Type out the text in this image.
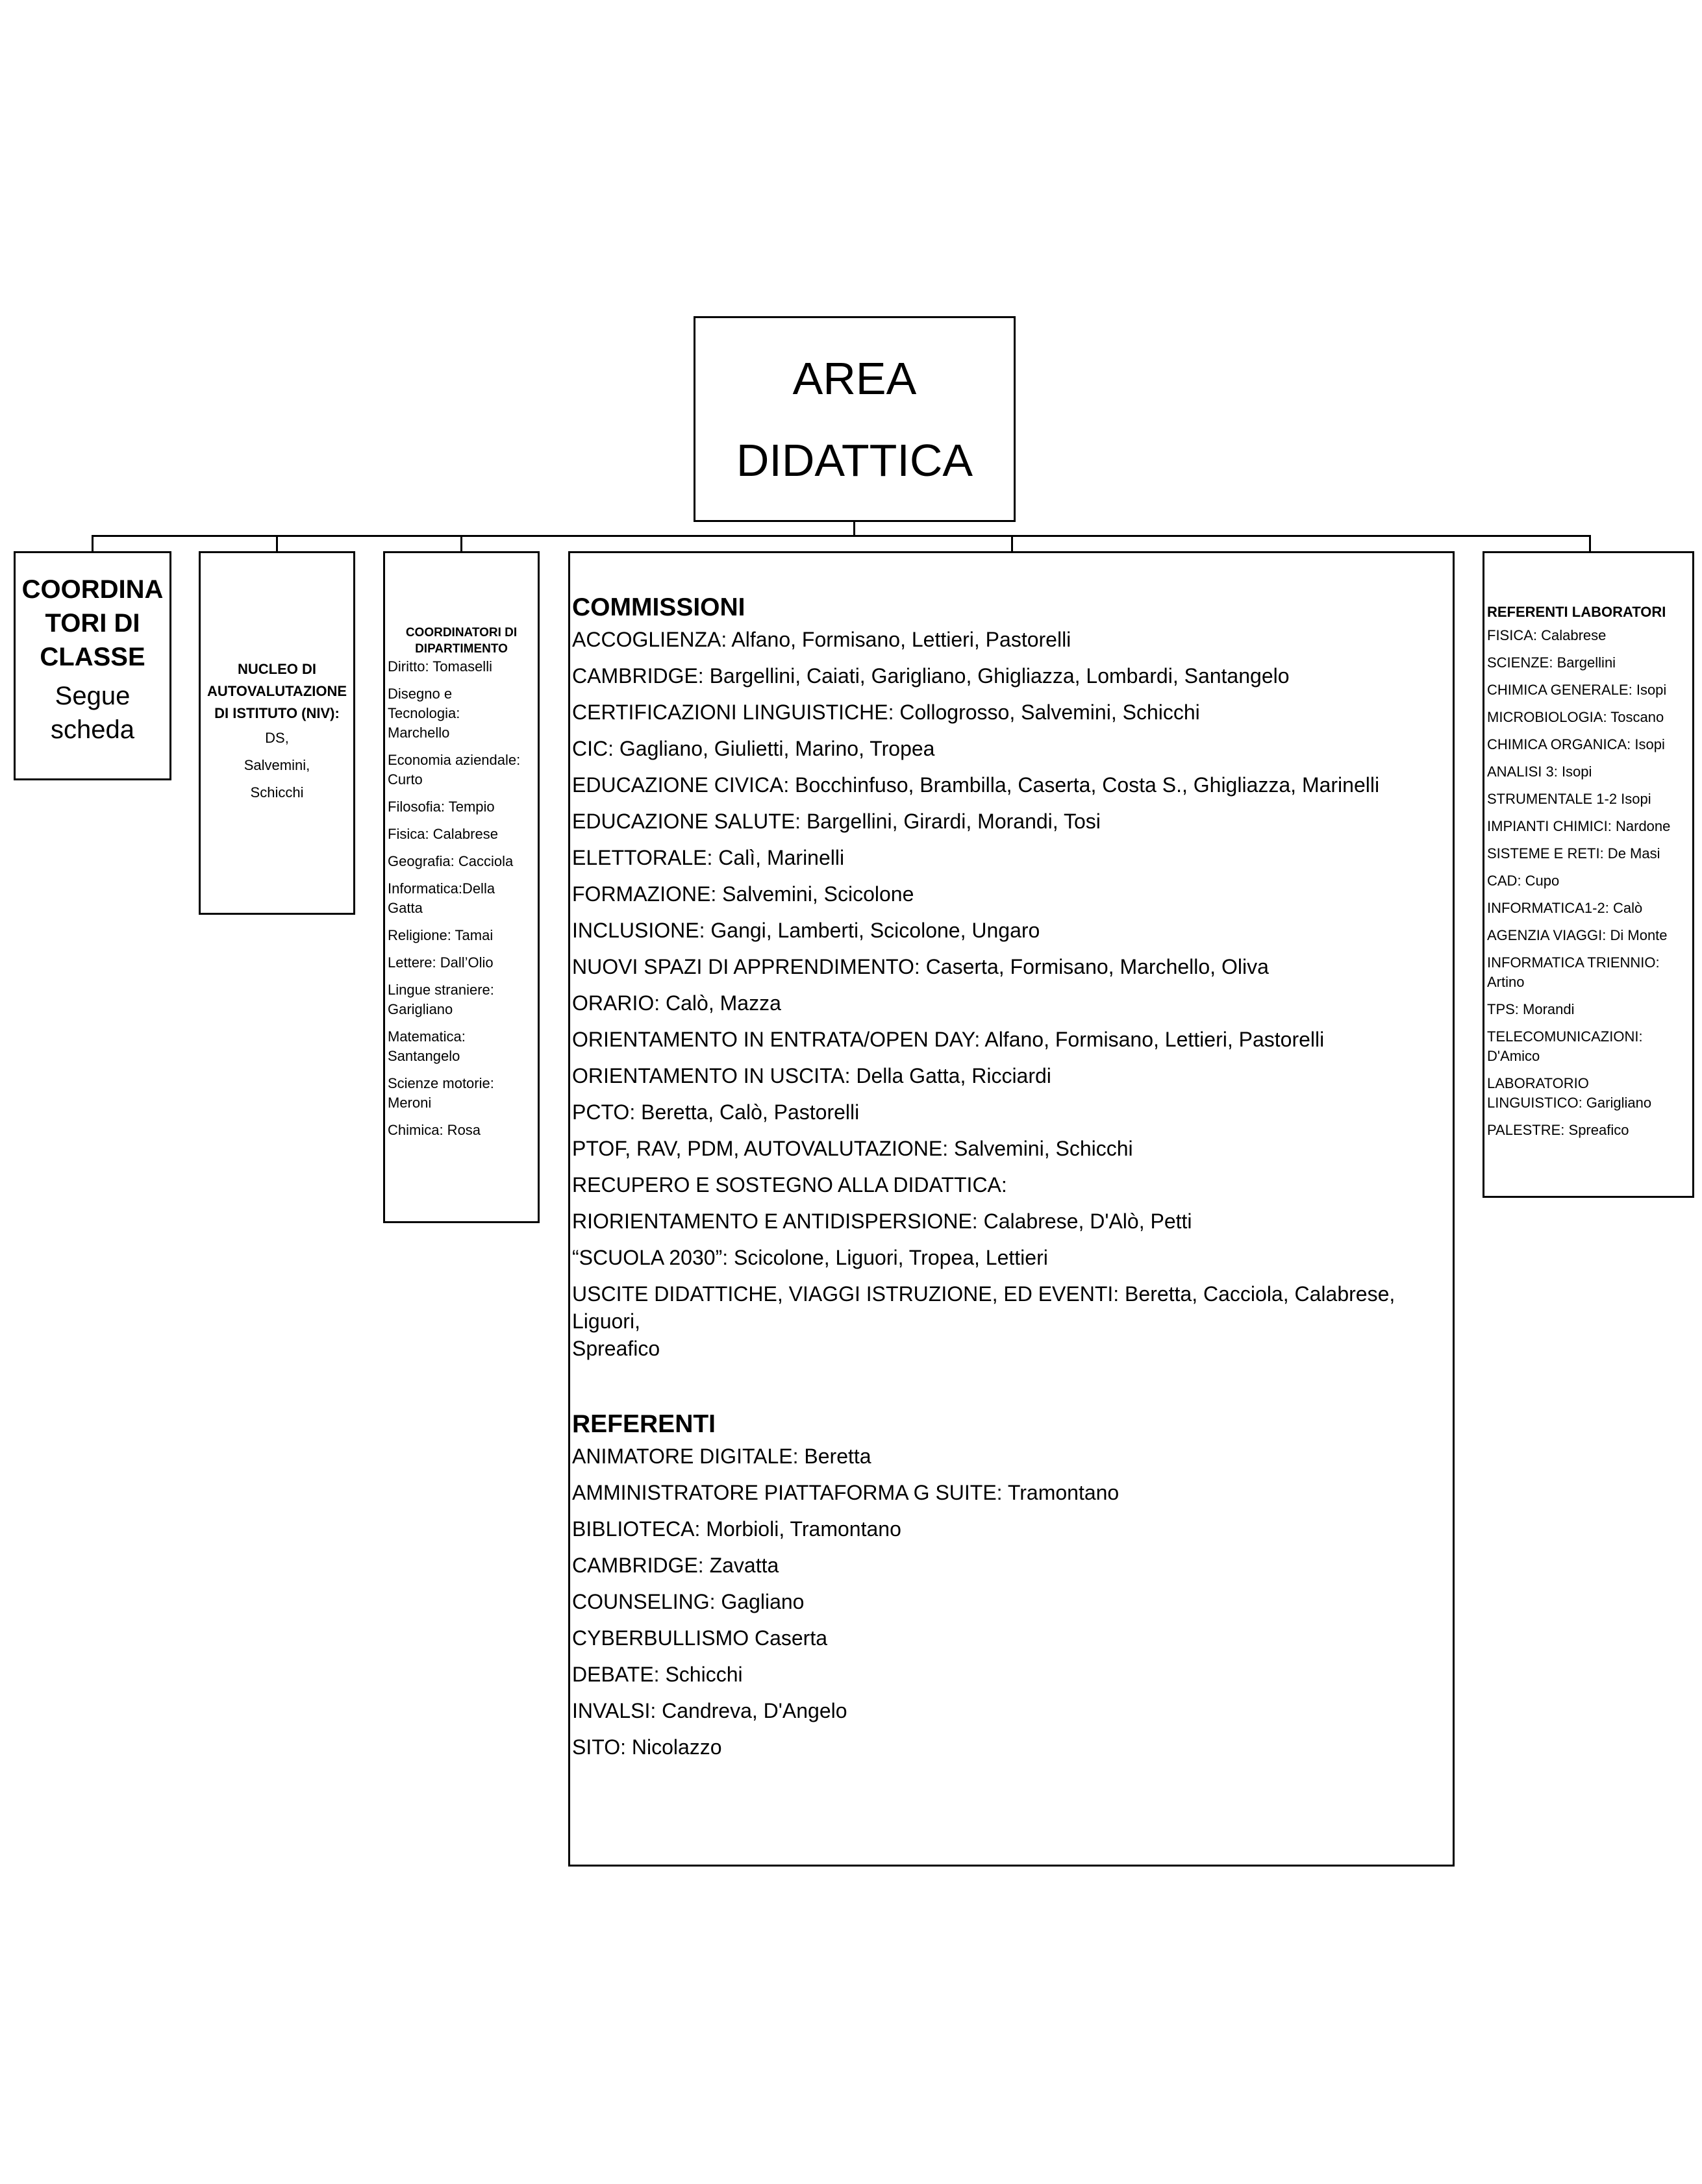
AREA
DIDATTICA
COORDINA
TORI DI
CLASSE
Segue
scheda
NUCLEO DI
AUTOVALUTAZIONE
DI ISTITUTO (NIV):
DS,
Salvemini,
Schicchi
COORDINATORI DI
DIPARTIMENTO
Diritto: Tomaselli
Disegno e
Tecnologia:
Marchello
Economia aziendale:
Curto
Filosofia: Tempio
Fisica: Calabrese
Geografia: Cacciola
Informatica:Della
Gatta
Religione: Tamai
Lettere: Dall’Olio
Lingue straniere:
Garigliano
Matematica:
Santangelo
Scienze motorie:
Meroni
Chimica: Rosa
COMMISSIONI
ACCOGLIENZA: Alfano, Formisano, Lettieri, Pastorelli
CAMBRIDGE: Bargellini, Caiati, Garigliano, Ghigliazza, Lombardi, Santangelo
CERTIFICAZIONI LINGUISTICHE: Collogrosso, Salvemini, Schicchi
CIC: Gagliano, Giulietti, Marino, Tropea
EDUCAZIONE CIVICA: Bocchinfuso, Brambilla, Caserta, Costa S., Ghigliazza, Marinelli
EDUCAZIONE SALUTE: Bargellini, Girardi, Morandi, Tosi
ELETTORALE: Calì, Marinelli
FORMAZIONE: Salvemini, Scicolone
INCLUSIONE: Gangi, Lamberti, Scicolone, Ungaro
NUOVI SPAZI DI APPRENDIMENTO: Caserta, Formisano, Marchello, Oliva
ORARIO: Calò, Mazza
ORIENTAMENTO IN ENTRATA/OPEN DAY: Alfano, Formisano, Lettieri, Pastorelli
ORIENTAMENTO IN USCITA: Della Gatta, Ricciardi
PCTO: Beretta, Calò, Pastorelli
PTOF, RAV, PDM, AUTOVALUTAZIONE: Salvemini, Schicchi
RECUPERO E SOSTEGNO ALLA DIDATTICA:
RIORIENTAMENTO E ANTIDISPERSIONE: Calabrese, D'Alò, Petti
“SCUOLA 2030”: Scicolone, Liguori, Tropea, Lettieri
USCITE DIDATTICHE, VIAGGI ISTRUZIONE, ED EVENTI: Beretta, Cacciola, Calabrese, Liguori,
Spreafico
REFERENTI
ANIMATORE DIGITALE: Beretta
AMMINISTRATORE PIATTAFORMA G SUITE: Tramontano
BIBLIOTECA: Morbioli, Tramontano
CAMBRIDGE: Zavatta
COUNSELING: Gagliano
CYBERBULLISMO Caserta
DEBATE: Schicchi
INVALSI: Candreva, D'Angelo
SITO: Nicolazzo
REFERENTI LABORATORI
FISICA: Calabrese
SCIENZE: Bargellini
CHIMICA GENERALE: Isopi
MICROBIOLOGIA: Toscano
CHIMICA ORGANICA: Isopi
ANALISI 3: Isopi
STRUMENTALE 1-2 Isopi
IMPIANTI CHIMICI: Nardone
SISTEME E RETI: De Masi
CAD: Cupo
INFORMATICA1-2: Calò
AGENZIA VIAGGI: Di Monte
INFORMATICA TRIENNIO:
Artino
TPS: Morandi
TELECOMUNICAZIONI:
D'Amico
LABORATORIO
LINGUISTICO: Garigliano
PALESTRE: Spreafico
